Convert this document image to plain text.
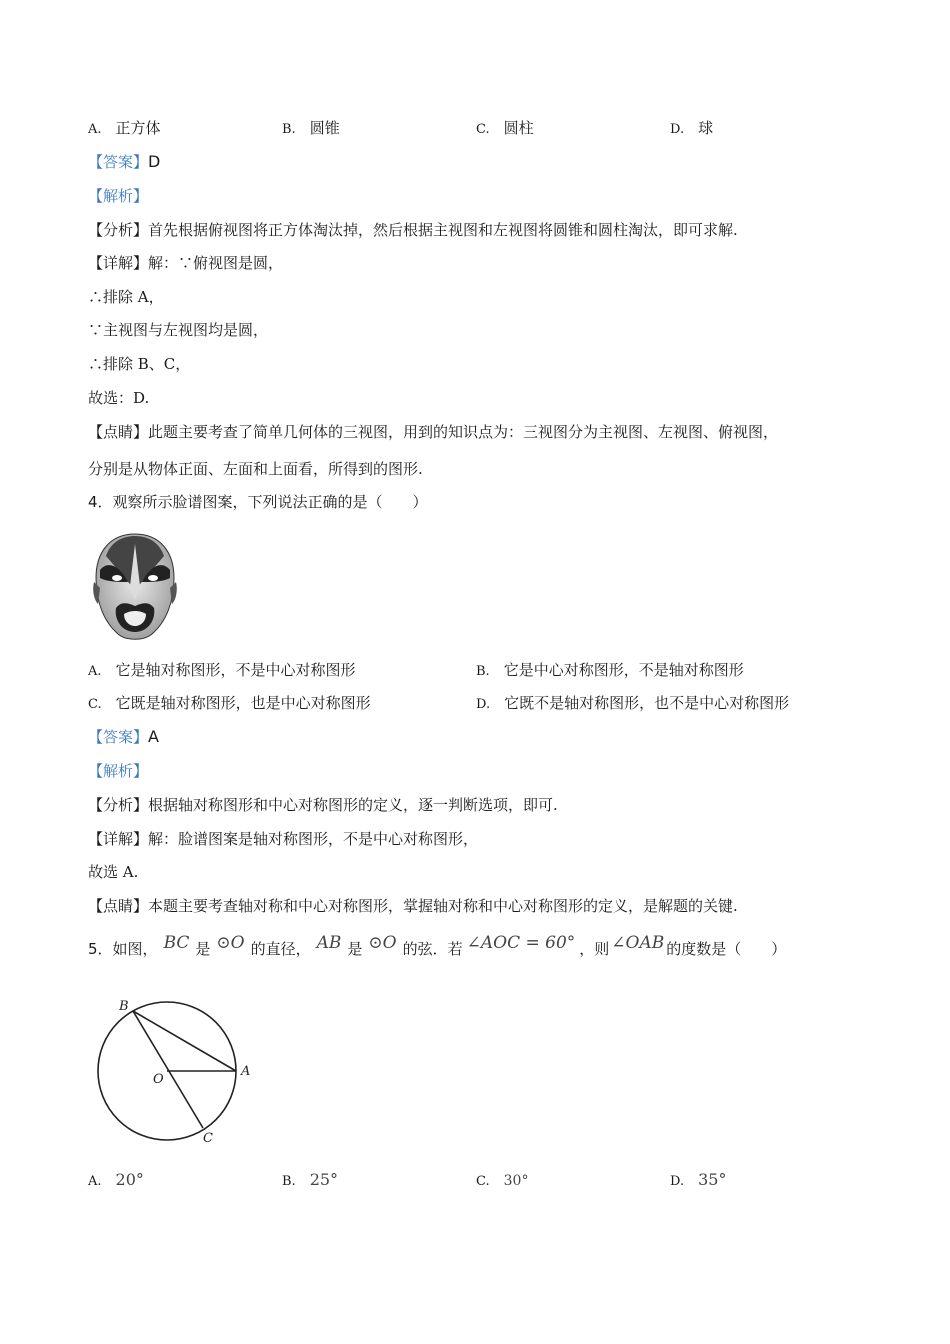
A. 正方体	B. 圆锥	C. 圆柱	D. 球
【答案】D
【解析】
【分析】首先根据俯视图将正方体淘汰掉，然后根据主视图和左视图将圆锥和圆柱淘汰，即可求解.
【详解】解：∵俯视图是圆，
∴排除 A，
∵主视图与左视图均是圆，
∴排除 B、C，
故选：D.
【点睛】此题主要考查了简单几何体的三视图，用到的知识点为：三视图分为主视图、左视图、俯视图，
分别是从物体正面、左面和上面看，所得到的图形.
4．观察所示脸谱图案，下列说法正确的是（　　）
A. 它是轴对称图形，不是中心对称图形	B. 它是中心对称图形，不是轴对称图形
C. 它既是轴对称图形，也是中心对称图形	D. 它既不是轴对称图形，也不是中心对称图形
【答案】A
【解析】
【分析】根据轴对称图形和中心对称图形的定义，逐一判断选项，即可.
【详解】解：脸谱图案是轴对称图形，不是中心对称图形，
故选 A.
【点睛】本题主要考查轴对称和中心对称图形，掌握轴对称和中心对称图形的定义，是解题的关键.
5．如图， BC 是 ⊙O 的直径， AB 是 ⊙O 的弦．若 ∠AOC = 60° ，则 ∠OAB 的度数是（　　）
B
O
A
C
A. 20°	B. 25°	C. 30°	D. 35°
